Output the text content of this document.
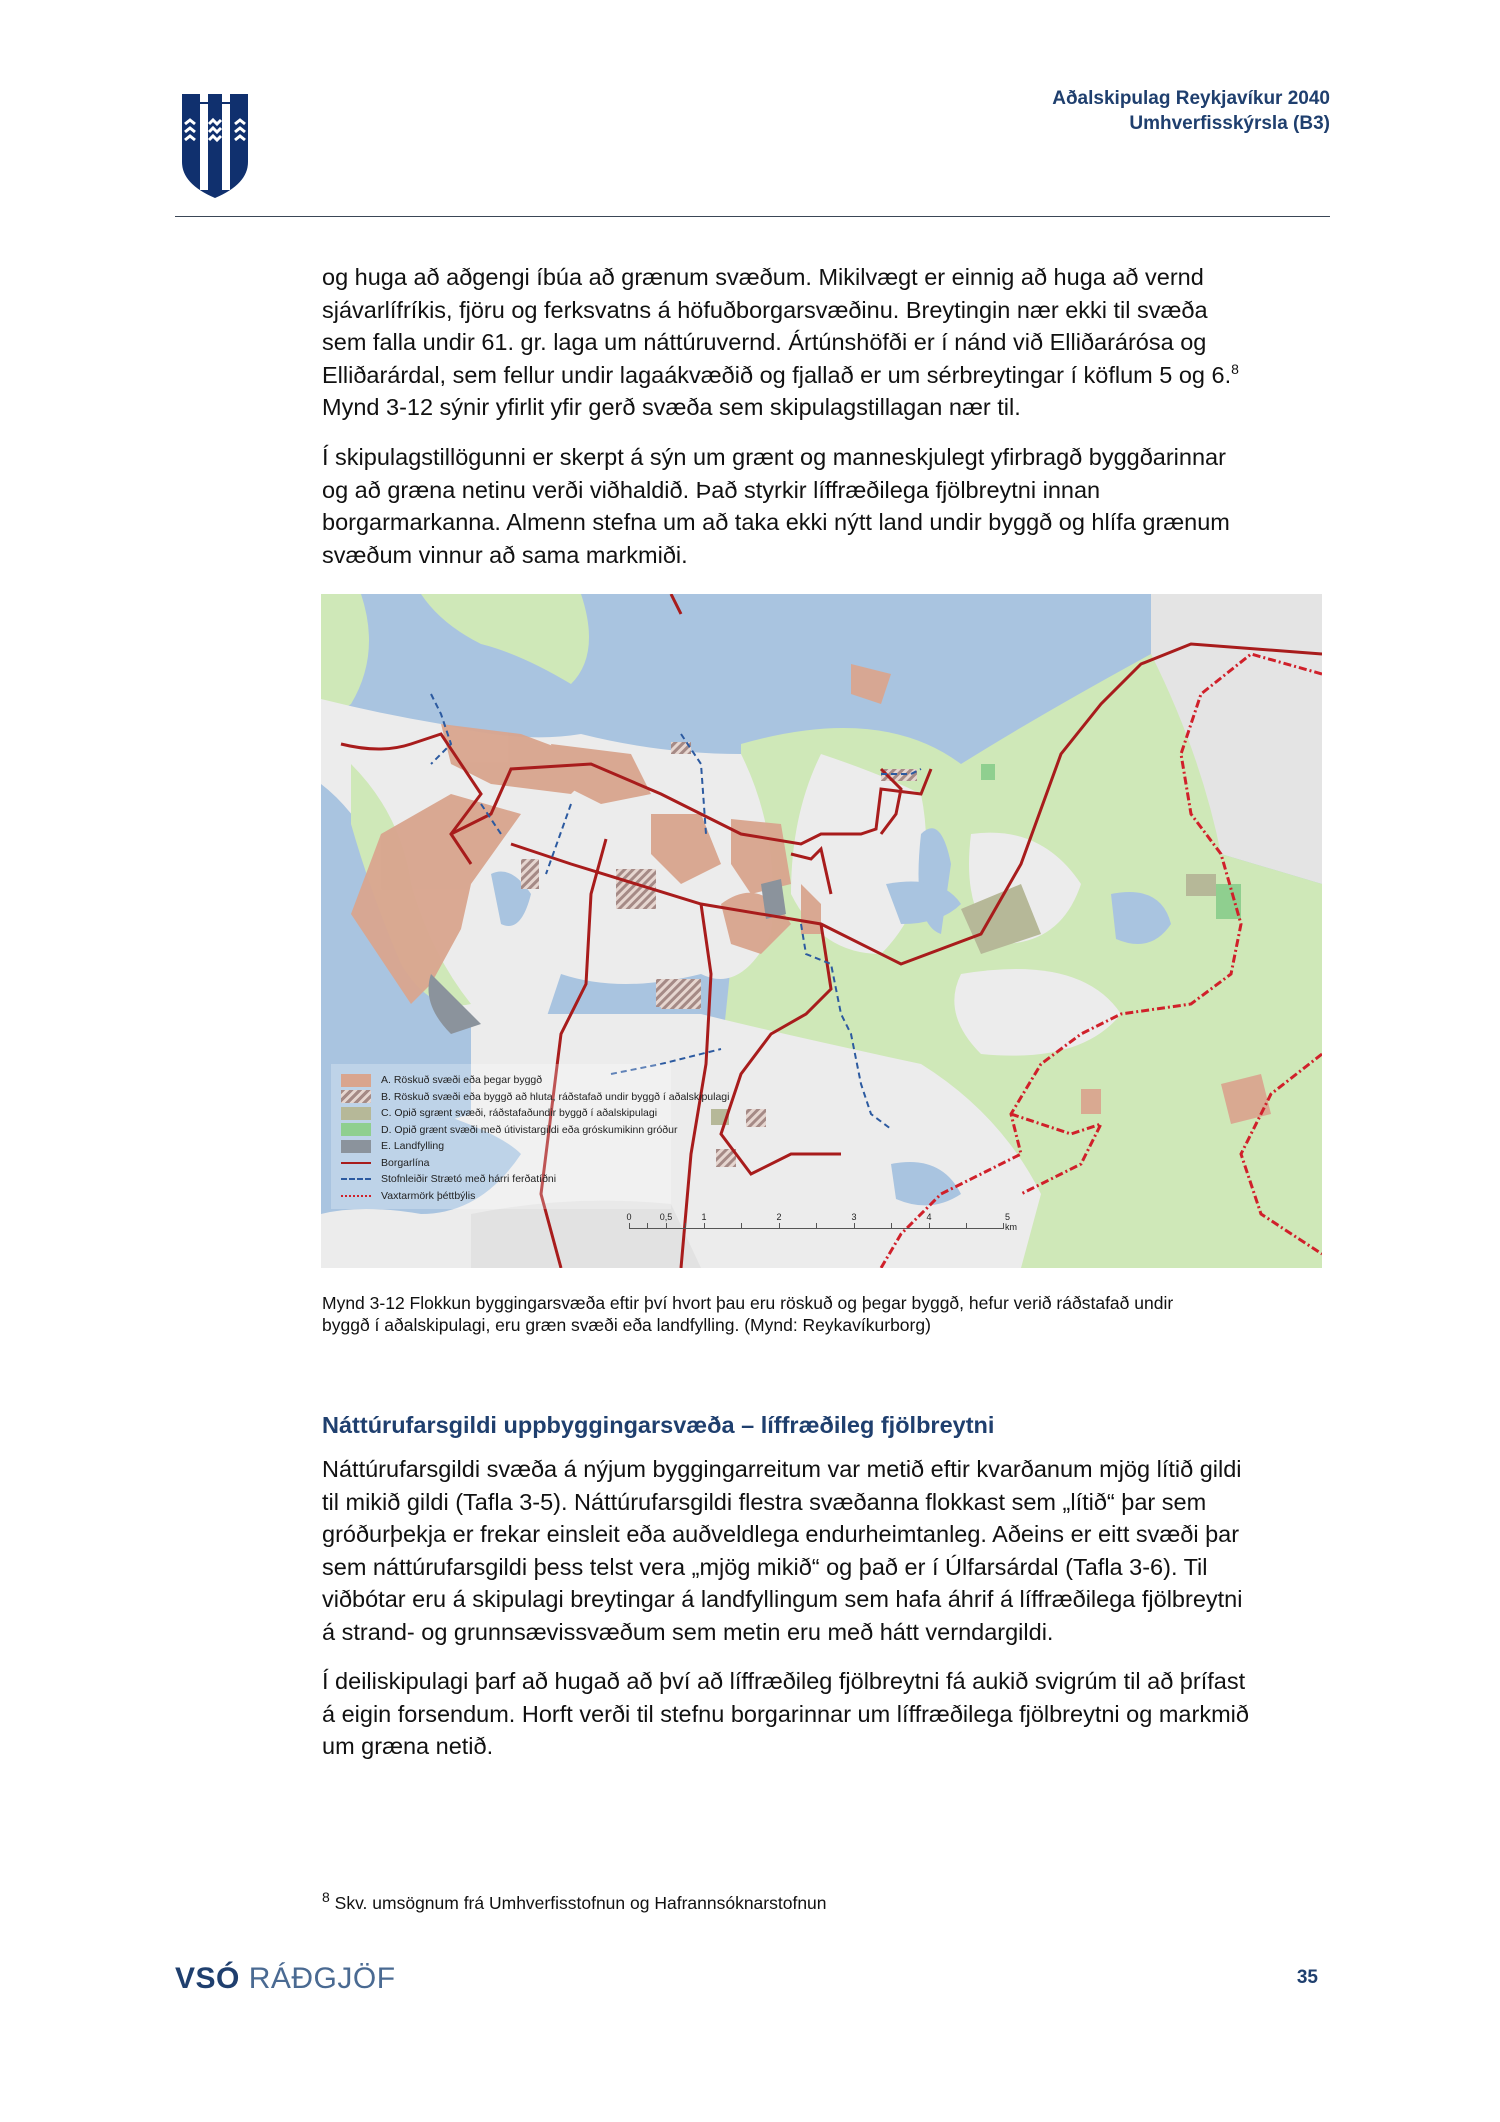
Aðalskipulag Reykjavíkur 2040
Umhverfisskýrsla (B3)
og huga að aðgengi íbúa að grænum svæðum. Mikilvægt er einnig að huga að vernd
sjávarlífríkis, fjöru og ferksvatns á höfuðborgarsvæðinu. Breytingin nær ekki til svæða
sem falla undir 61. gr. laga um náttúruvernd. Ártúnshöfði er í nánd við Elliðarárósa og
Elliðarárdal, sem fellur undir lagaákvæðið og fjallað er um sérbreytingar í köflum 5 og 6.$^8$
Mynd 3-12 sýnir yfirlit yfir gerð svæða sem skipulagstillagan nær til.
Í skipulagstillögunni er skerpt á sýn um grænt og manneskjulegt yfirbragð byggðarinnar
og að græna netinu verði viðhaldið. Það styrkir líffræðilega fjölbreytni innan
borgarmarkanna. Almenn stefna um að taka ekki nýtt land undir byggð og hlífa grænum
svæðum vinnur að sama markmiði.
A. Röskuð svæði eða þegar byggð
B. Röskuð svæði eða byggð að hluta, ráðstafað undir byggð í aðalskipulagi
C. Opið sgrænt svæði, ráðstafaðundir byggð í aðalskipulagi
D. Opið grænt svæði með útivistargildi eða gróskumikinn gróður
E. Landfylling
Borgarlína
Stofnleiðir Strætó með hárri ferðatíðni
Vaxtarmörk þéttbýlis
0	0,5	1	2	3	4	5 km
Mynd 3-12 Flokkun byggingarsvæða eftir því hvort þau eru röskuð og þegar byggð, hefur verið ráðstafað undir
byggð í aðalskipulagi, eru græn svæði eða landfylling. (Mynd: Reykavíkurborg)
Náttúrufarsgildi uppbyggingarsvæða – líffræðileg fjölbreytni
Náttúrufarsgildi svæða á nýjum byggingarreitum var metið eftir kvarðanum mjög lítið gildi
til mikið gildi (Tafla 3-5). Náttúrufarsgildi flestra svæðanna flokkast sem „lítið“ þar sem
gróðurþekja er frekar einsleit eða auðveldlega endurheimtanleg. Aðeins er eitt svæði þar
sem náttúrufarsgildi þess telst vera „mjög mikið“ og það er í Úlfarsárdal (Tafla 3-6). Til
viðbótar eru á skipulagi breytingar á landfyllingum sem hafa áhrif á líffræðilega fjölbreytni
á strand- og grunnsævissvæðum sem metin eru með hátt verndargildi.
Í deiliskipulagi þarf að hugað að því að líffræðileg fjölbreytni fá aukið svigrúm til að þrífast
á eigin forsendum. Horft verði til stefnu borgarinnar um líffræðilega fjölbreytni og markmið
um græna netið.
$^8$ Skv. umsögnum frá Umhverfisstofnun og Hafrannsóknarstofnun
VSÓ RÁÐGJÖF	35
